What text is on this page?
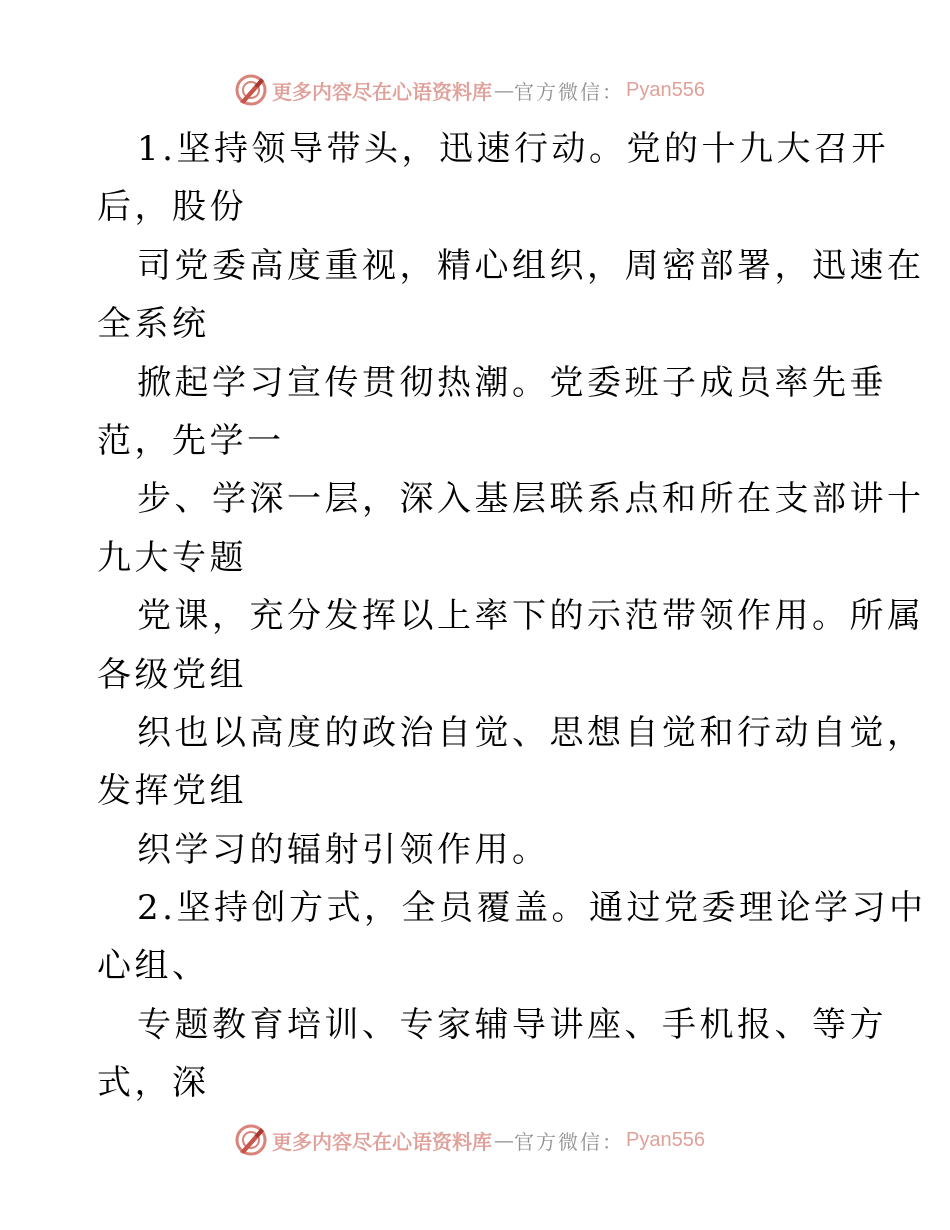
更多内容尽在心语资料库 — 官方微信： Pyan556
1.坚持领导带头，迅速行动。党的十九大召开
后，股份
司党委高度重视，精心组织，周密部署，迅速在
全系统
掀起学习宣传贯彻热潮。党委班子成员率先垂
范，先学一
步、学深一层，深入基层联系点和所在支部讲十
九大专题
党课，充分发挥以上率下的示范带领作用。所属
各级党组
织也以高度的政治自觉、思想自觉和行动自觉，
发挥党组
织学习的辐射引领作用。
2.坚持创方式，全员覆盖。通过党委理论学习中
心组、
专题教育培训、专家辅导讲座、手机报、等方
式，深
更多内容尽在心语资料库 — 官方微信： Pyan556
